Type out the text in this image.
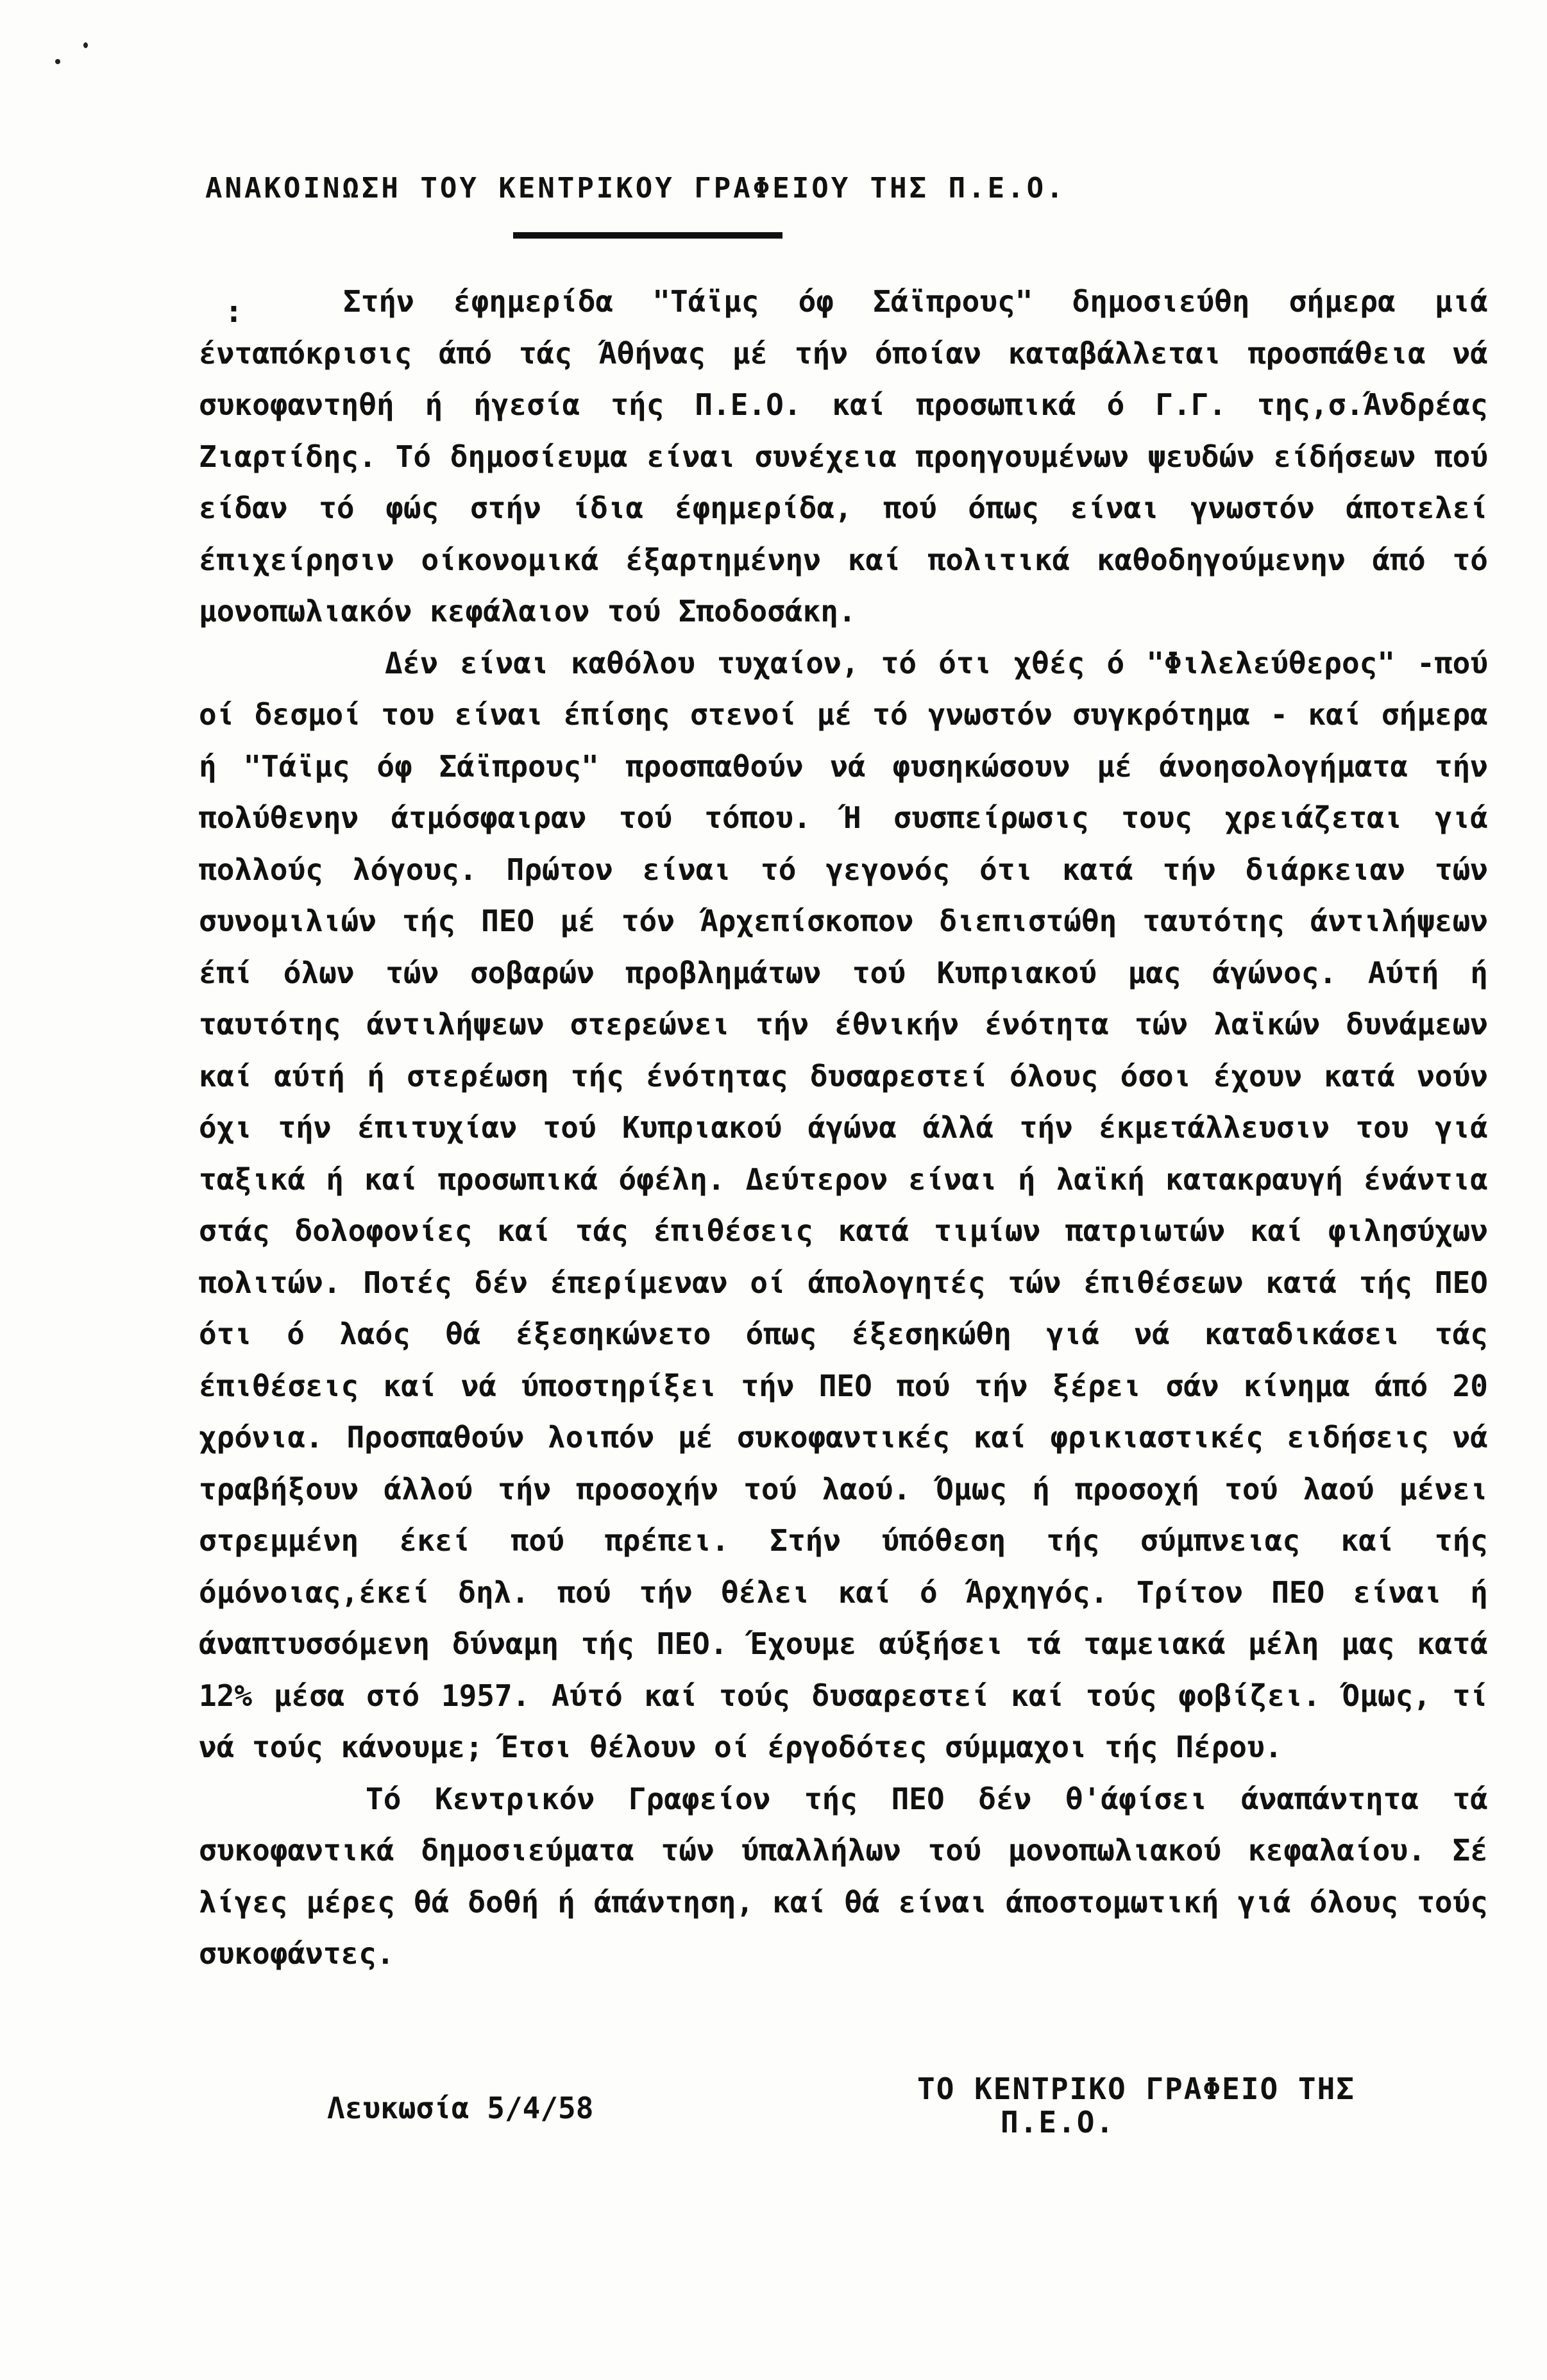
ΑΝΑΚΟΙΝΩΣΗ ΤΟΥ ΚΕΝΤΡΙΚΟΥ ΓΡΑΦΕΙΟΥ ΤΗΣ Π.Ε.Ο.
:	Στήν έφημερίδα "Τάϊμς όφ Σάϊπρους" δημοσιεύθη σήμερα μιά ένταπόκρισις άπό τάς Άθήνας μέ τήν όποίαν καταβάλλεται προσπάθεια νά συκοφαντηθή ή ήγεσία τής Π.Ε.Ο. καί προσωπικά ό Γ.Γ. της,σ.Άνδρέας Ζιαρτίδης. Τό δημοσίευμα είναι συνέχεια προηγουμένων ψευδών είδήσεων πού είδαν τό φώς στήν ίδια έφημερίδα, πού όπως είναι γνωστόν άποτελεί έπιχείρησιν οίκονομικά έξαρτημένην καί πολιτικά καθοδηγούμενην άπό τό μονοπωλιακόν κεφάλαιον τού Σποδοσάκη.

Δέν είναι καθόλου τυχαίον, τό ότι χθές ό "Φιλελεύθερος" -πού οί δεσμοί του είναι έπίσης στενοί μέ τό γνωστόν συγκρότημα - καί σήμερα ή "Τάϊμς όφ Σάϊπρους" προσπαθούν νά φυσηκώσουν μέ άνοησολογήματα τήν πολύθενην άτμόσφαιραν τού τόπου. Ή συσπείρωσις τους χρειάζεται γιά πολλούς λόγους. Πρώτον είναι τό γεγονός ότι κατά τήν διάρκειαν τών συνομιλιών τής ΠΕΟ μέ τόν Άρχεπίσκοπον διεπιστώθη ταυτότης άντιλήψεων έπί όλων τών σοβαρών προβλημάτων τού Κυπριακού μας άγώνος. Αύτή ή ταυτότης άντιλήψεων στερεώνει τήν έθνικήν ένότητα τών λαϊκών δυνάμεων καί αύτή ή στερέωση τής ένότητας δυσαρεστεί όλους όσοι έχουν κατά νούν όχι τήν έπιτυχίαν τού Κυπριακού άγώνα άλλά τήν έκμετάλλευσιν του γιά ταξικά ή καί προσωπικά όφέλη. Δεύτερον είναι ή λαϊκή κατακραυγή ένάντια στάς δολοφονίες καί τάς έπιθέσεις κατά τιμίων πατριωτών καί φιλησύχων πολιτών. Ποτές δέν έπερίμεναν οί άπολογητές τών έπιθέσεων κατά τής ΠΕΟ ότι ό λαός θά έξεσηκώνετο όπως έξεσηκώθη γιά νά καταδικάσει τάς έπιθέσεις καί νά ύποστηρίξει τήν ΠΕΟ πού τήν ξέρει σάν κίνημα άπό 20 χρόνια. Προσπαθούν λοιπόν μέ συκοφαντικές καί φρικιαστικές ειδήσεις νά τραβήξουν άλλού τήν προσοχήν τού λαού. Όμως ή προσοχή τού λαού μένει στρεμμένη έκεί πού πρέπει. Στήν ύπόθεση τής σύμπνειας καί τής όμόνοιας,έκεί δηλ. πού τήν θέλει καί ό Άρχηγός. Τρίτον ΠΕΟ είναι ή άναπτυσσόμενη δύναμη τής ΠΕΟ. Έχουμε αύξήσει τά ταμειακά μέλη μας κατά 12% μέσα στό 1957. Αύτό καί τούς δυσαρεστεί καί τούς φοβίζει. Όμως, τί νά τούς κάνουμε; Έτσι θέλουν οί έργοδότες σύμμαχοι τής Πέρου.

Τό Κεντρικόν Γραφείον τής ΠΕΟ δέν θ'άφίσει άναπάντητα τά συκοφαντικά δημοσιεύματα τών ύπαλλήλων τού μονοπωλιακού κεφαλαίου. Σέ λίγες μέρες θά δοθή ή άπάντηση, καί θά είναι άποστομωτική γιά όλους τούς συκοφάντες.

Λευκωσία 5/4/58
ΤΟ ΚΕΝΤΡΙΚΟ ΓΡΑΦΕΙΟ ΤΗΣ
Π.Ε.Ο.
